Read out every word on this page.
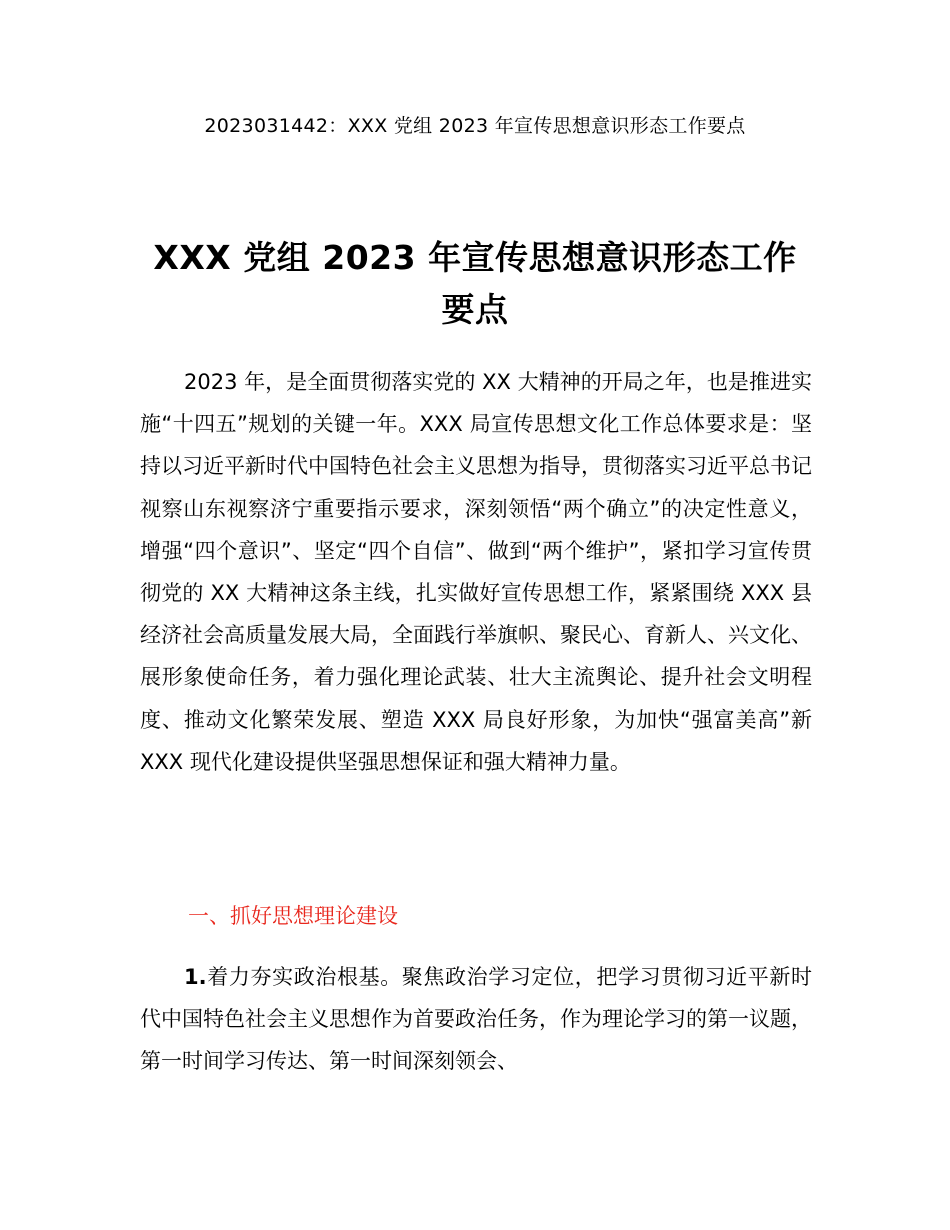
2023031442：XXX 党组 2023 年宣传思想意识形态工作要点
XXX 党组 2023 年宣传思想意识形态工作要点

2023 年，是全面贯彻落实党的 XX 大精神的开局之年，也是推进实施“十四五”规划的关键一年。XXX 局宣传思想文化工作总体要求是：坚持以习近平新时代中国特色社会主义思想为指导，贯彻落实习近平总书记视察山东视察济宁重要指示要求，深刻领悟“两个确立”的决定性意义，增强“四个意识”、坚定“四个自信”、做到“两个维护”，紧扣学习宣传贯彻党的 XX 大精神这条主线，扎实做好宣传思想工作，紧紧围绕 XXX 县经济社会高质量发展大局，全面践行举旗帜、聚民心、育新人、兴文化、展形象使命任务，着力强化理论武装、壮大主流舆论、提升社会文明程度、推动文化繁荣发展、塑造 XXX 局良好形象，为加快“强富美高”新 XXX 现代化建设提供坚强思想保证和强大精神力量。

一、抓好思想理论建设

1.着力夯实政治根基。聚焦政治学习定位，把学习贯彻习近平新时代中国特色社会主义思想作为首要政治任务，作为理论学习的第一议题，第一时间学习传达、第一时间深刻领会、
